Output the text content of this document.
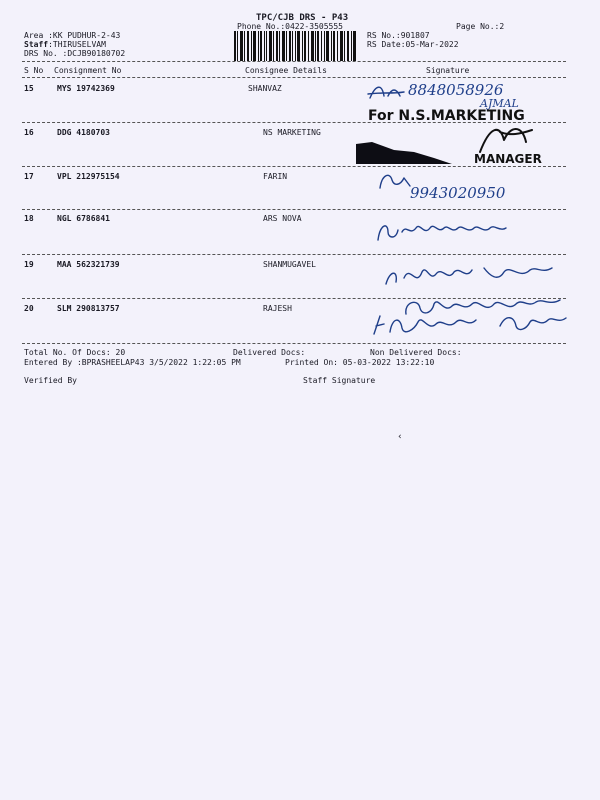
TPC/CJB DRS - P43
Phone No.:0422-3505555	Page No.:2
Area :KK PUDHUR-2-43
Staff:THIRUSELVAM
DRS No. :DCJB90180702
RS No.:901807
RS Date:05-Mar-2022
S No Consignment No	Consignee Details	Signature
15	MYS 19742369	SHANVAZ	8848058926
AJMAL
For N.S.MARKETING
16	DDG 4180703	NS MARKETING
MANAGER
17	VPL 212975154	FARIN
9943020950
18	NGL 6786841	ARS NOVA
19	MAA 562321739	SHANMUGAVEL
20	SLM 290813757	RAJESH
Total No. Of Docs: 20	Delivered Docs:	Non Delivered Docs:
Entered By :BPRASHEELAP43 3/5/2022 1:22:05 PM	Printed On: 05-03-2022 13:22:10
Verified By	Staff Signature
‹
